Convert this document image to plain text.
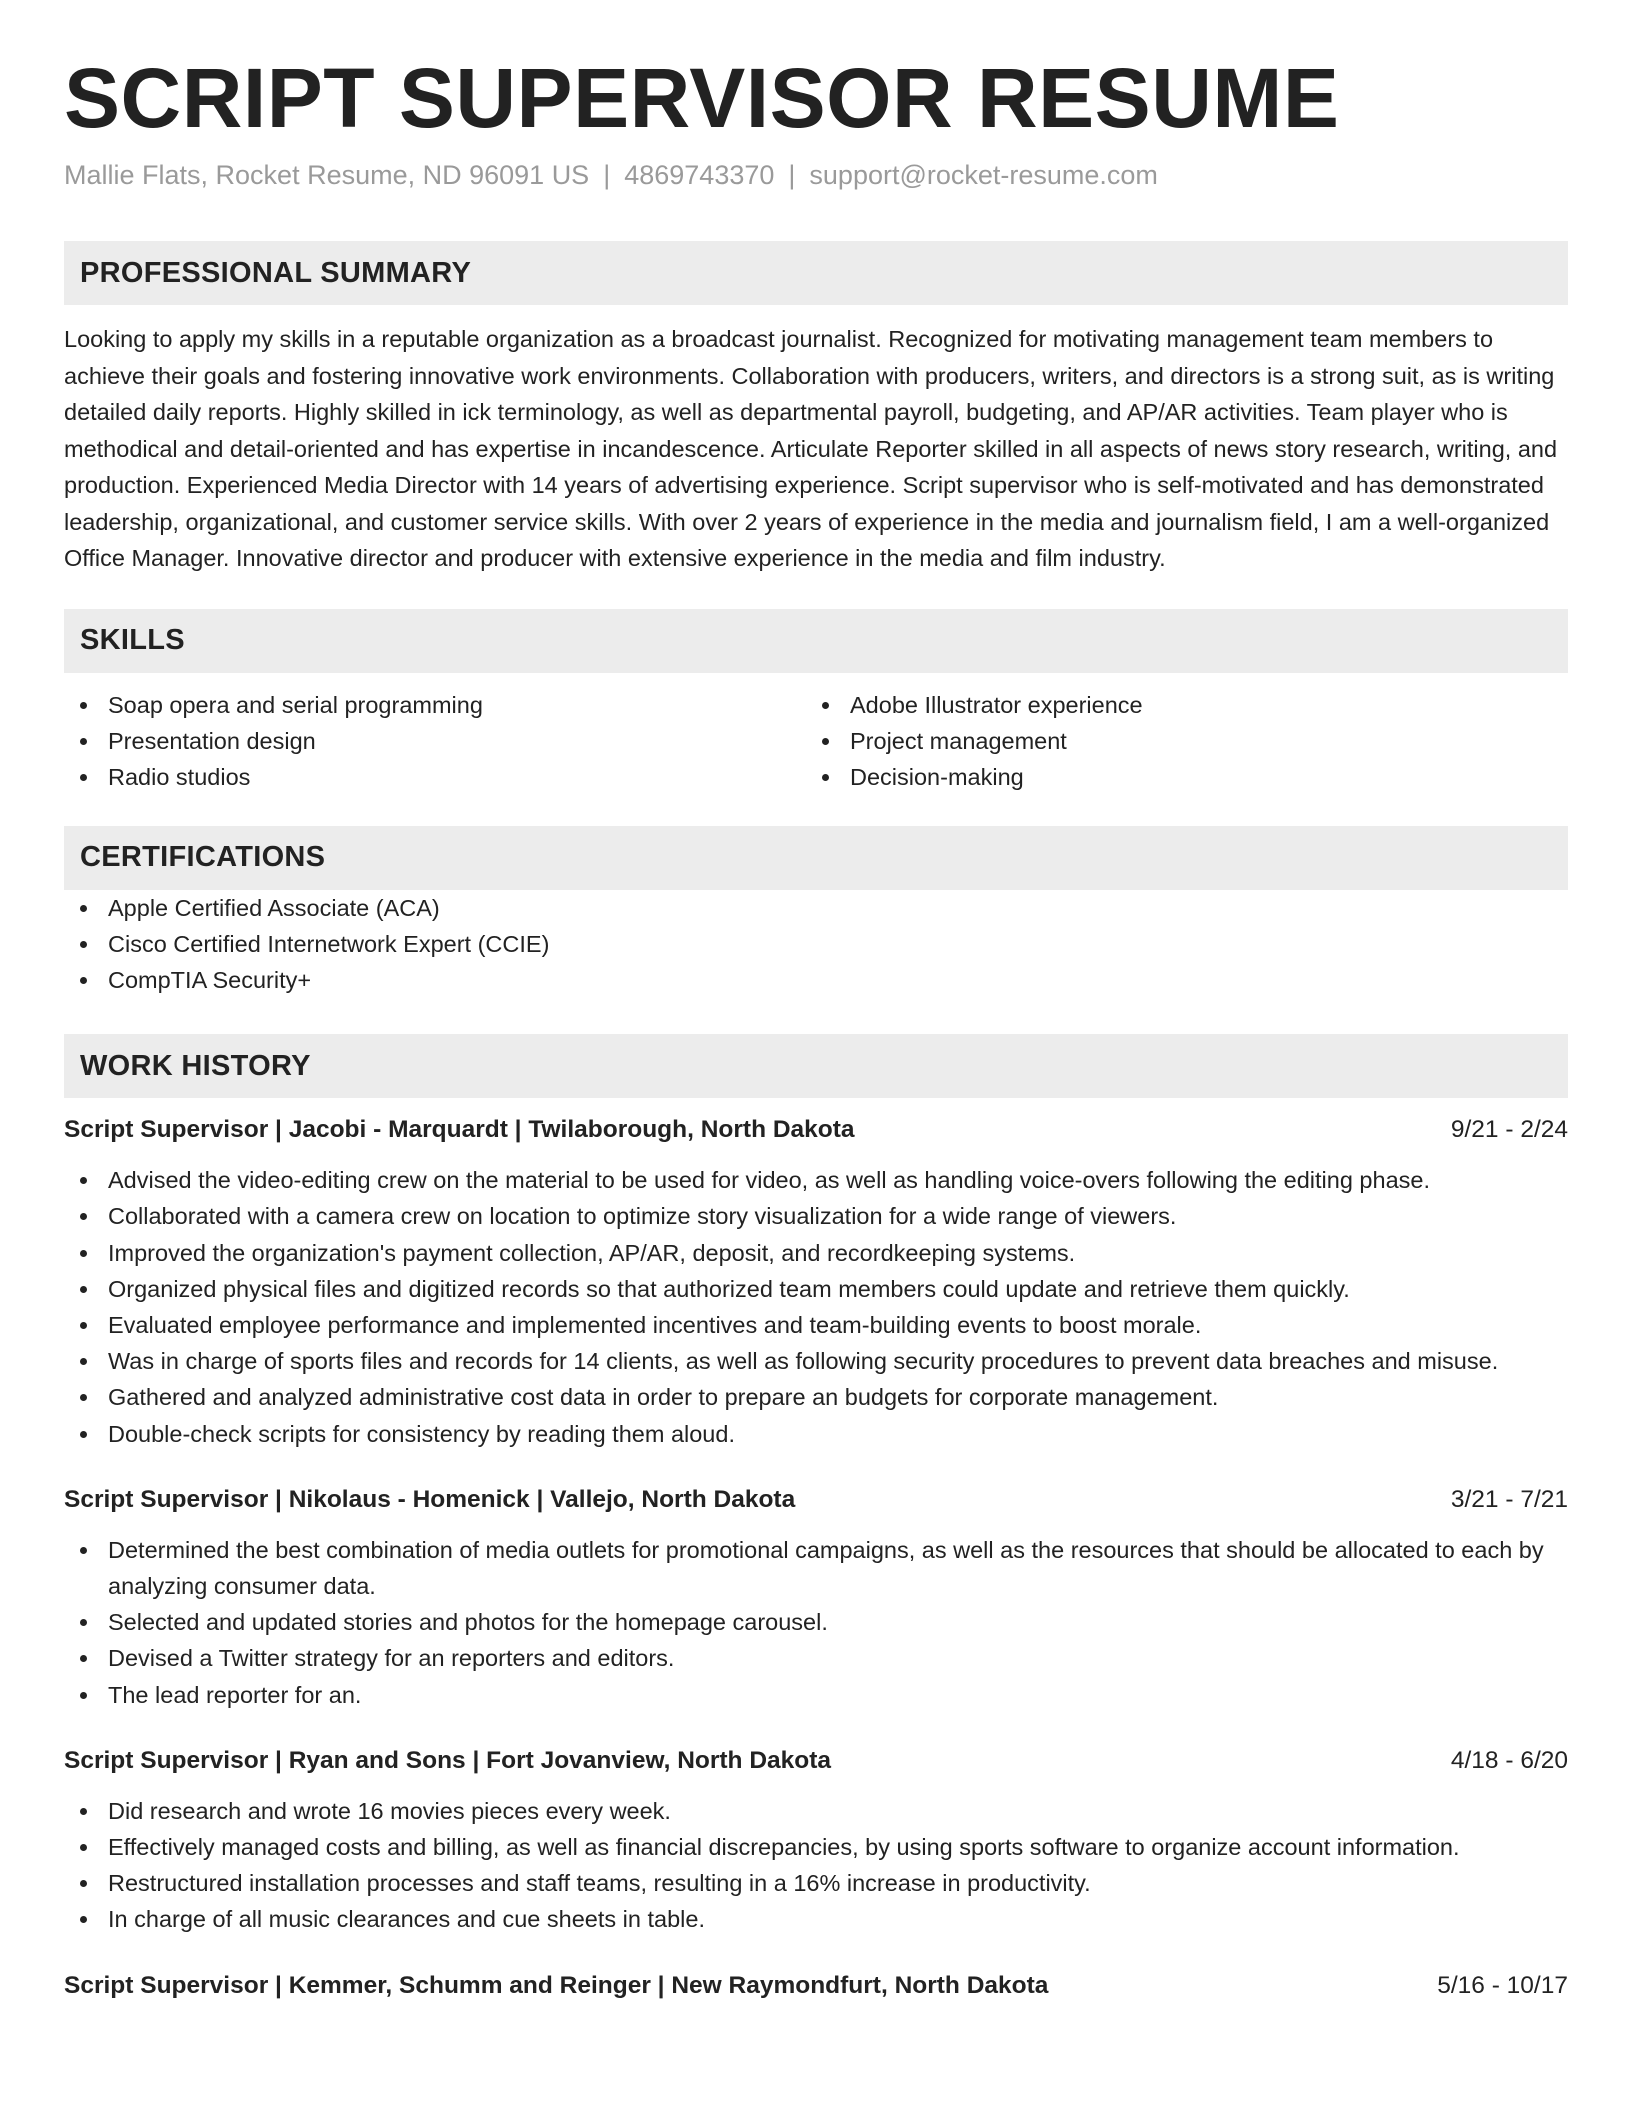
SCRIPT SUPERVISOR RESUME
Mallie Flats, Rocket Resume, ND 96091 US | 4869743370 | support@rocket-resume.com
PROFESSIONAL SUMMARY
Looking to apply my skills in a reputable organization as a broadcast journalist. Recognized for motivating management team members to achieve their goals and fostering innovative work environments. Collaboration with producers, writers, and directors is a strong suit, as is writing detailed daily reports. Highly skilled in ick terminology, as well as departmental payroll, budgeting, and AP/AR activities. Team player who is methodical and detail-oriented and has expertise in incandescence. Articulate Reporter skilled in all aspects of news story research, writing, and production. Experienced Media Director with 14 years of advertising experience. Script supervisor who is self-motivated and has demonstrated leadership, organizational, and customer service skills. With over 2 years of experience in the media and journalism field, I am a well-organized Office Manager. Innovative director and producer with extensive experience in the media and film industry.
SKILLS
Soap opera and serial programming
Presentation design
Radio studios
Adobe Illustrator experience
Project management
Decision-making
CERTIFICATIONS
Apple Certified Associate (ACA)
Cisco Certified Internetwork Expert (CCIE)
CompTIA Security+
WORK HISTORY
Script Supervisor | Jacobi - Marquardt | Twilaborough, North Dakota	9/21 - 2/24
Advised the video-editing crew on the material to be used for video, as well as handling voice-overs following the editing phase.
Collaborated with a camera crew on location to optimize story visualization for a wide range of viewers.
Improved the organization's payment collection, AP/AR, deposit, and recordkeeping systems.
Organized physical files and digitized records so that authorized team members could update and retrieve them quickly.
Evaluated employee performance and implemented incentives and team-building events to boost morale.
Was in charge of sports files and records for 14 clients, as well as following security procedures to prevent data breaches and misuse.
Gathered and analyzed administrative cost data in order to prepare an budgets for corporate management.
Double-check scripts for consistency by reading them aloud.
Script Supervisor | Nikolaus - Homenick | Vallejo, North Dakota	3/21 - 7/21
Determined the best combination of media outlets for promotional campaigns, as well as the resources that should be allocated to each by analyzing consumer data.
Selected and updated stories and photos for the homepage carousel.
Devised a Twitter strategy for an reporters and editors.
The lead reporter for an.
Script Supervisor | Ryan and Sons | Fort Jovanview, North Dakota	4/18 - 6/20
Did research and wrote 16 movies pieces every week.
Effectively managed costs and billing, as well as financial discrepancies, by using sports software to organize account information.
Restructured installation processes and staff teams, resulting in a 16% increase in productivity.
In charge of all music clearances and cue sheets in table.
Script Supervisor | Kemmer, Schumm and Reinger | New Raymondfurt, North Dakota	5/16 - 10/17
